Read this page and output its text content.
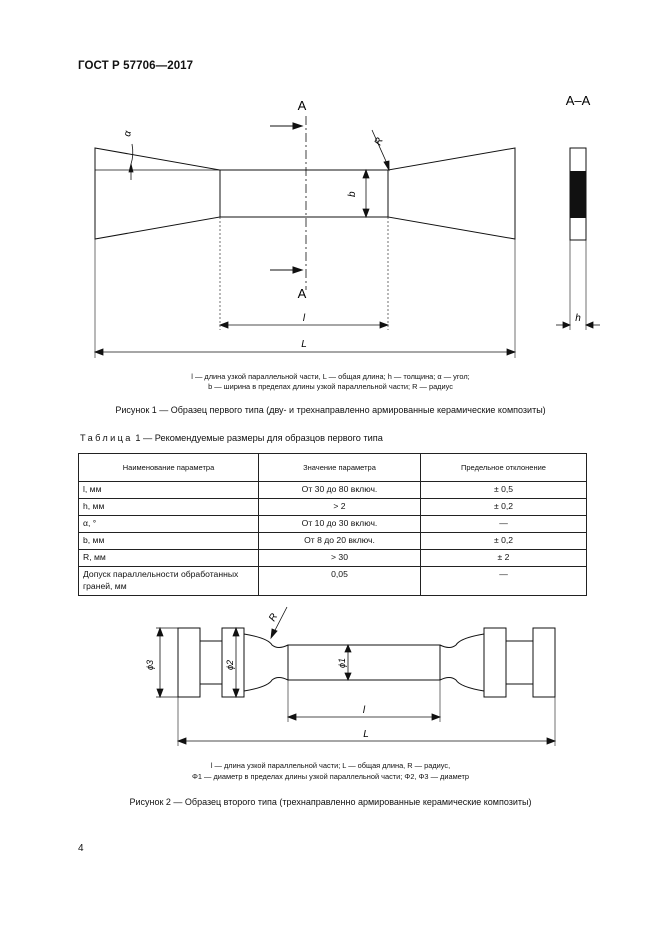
ГОСТ Р 57706—2017
A
A
α
R
b
l
L
A–A
h
l — длина узкой параллельной части, L — общая длина; h — толщина; α — угол;
b — ширина в пределах длины узкой параллельной части; R — радиус
Рисунок 1 — Образец первого типа (дву- и трехнаправленно армированные керамические композиты)
Таблица 1 — Рекомендуемые размеры для образцов первого типа
Наименование параметра	Значение параметра	Предельное отклонение
l, мм	От 30 до 80 включ.	± 0,5
h, мм	> 2	± 0,2
α, °	От 10 до 30 включ.	—
b, мм	От 8 до 20 включ.	± 0,2
R, мм	> 30	± 2
Допуск параллельности обработанных граней, мм	0,05	—
R
ϕ3	ϕ2	ϕ1
l
L
l — длина узкой параллельной части; L — общая длина, R — радиус,
Φ1 — диаметр в пределах длины узкой параллельной части; Φ2, Φ3 — диаметр
Рисунок 2 — Образец второго типа (трехнаправленно армированные керамические композиты)
4
